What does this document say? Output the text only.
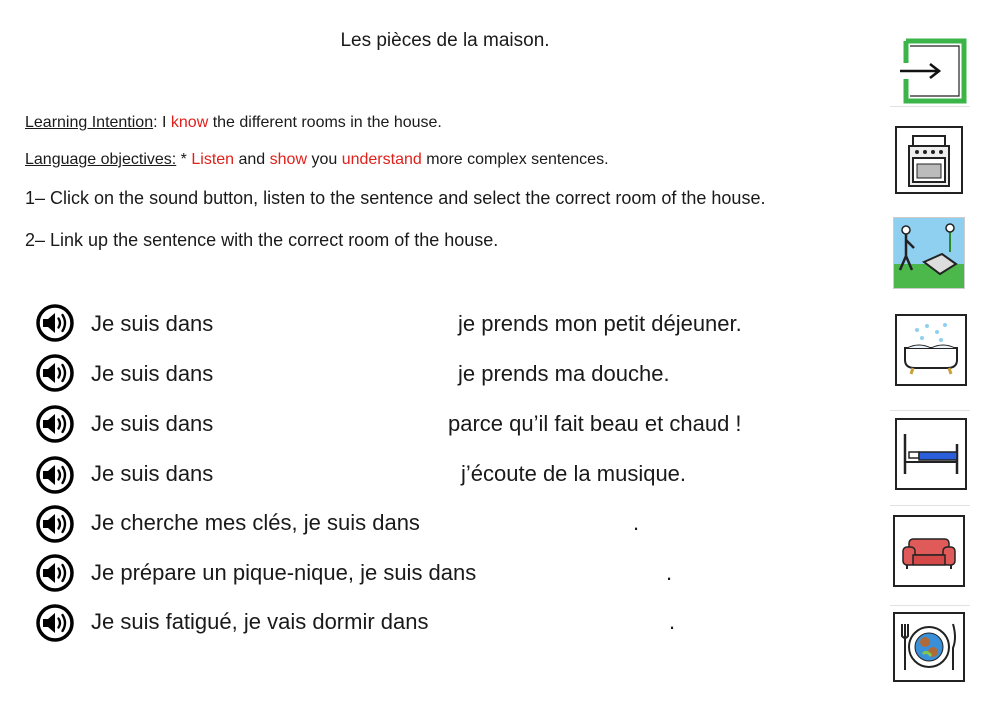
Les pièces de la maison.
Learning Intention: I know the different rooms in the house.
Language objectives: * Listen and show you understand more complex sentences.
1– Click on the sound button, listen to the sentence and select the correct room of the house.
2– Link up the sentence with the correct room of the house.
Je suis dans	je prends mon petit déjeuner.
Je suis dans	je prends ma douche.
Je suis dans	parce qu’il fait beau et chaud !
Je suis dans	j’écoute de la musique.
Je cherche mes clés, je suis dans	.
Je prépare un pique-nique, je suis dans	.
Je suis fatigué, je vais dormir dans	.
